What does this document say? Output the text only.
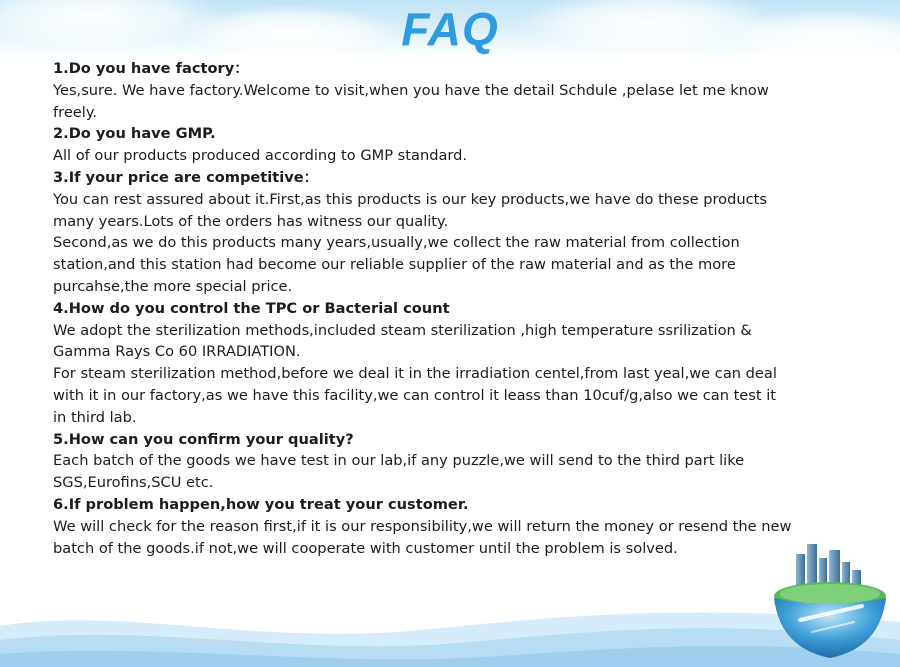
FAQ

1.Do you have factory：

Yes,sure. We have factory.Welcome to visit,when you have the detail Schdule ,pelase let me know freely.

2.Do you have GMP.

All of our products produced according to GMP standard.

3.If your price are competitive：

You can rest assured about it.First,as this products is our key products,we have do these products many years.Lots of the orders has witness our quality.

Second,as we do this products many years,usually,we collect the raw material from collection station,and this station had become our reliable supplier of the raw material and as the more purcahse,the more special price.

4.How do you control the TPC or Bacterial count

We adopt the sterilization methods,included steam sterilization ,high temperature ssrilization & Gamma Rays Co 60 IRRADIATION.

For steam sterilization method,before we deal it in the irradiation centel,from last yeal,we can deal with it in our factory,as we have this facility,we can control it leass than 10cuf/g,also we can test it in third lab.

5.How can you confirm your quality?

Each batch of the goods we have test in our lab,if any puzzle,we will send to the third part like SGS,Eurofins,SCU etc.

6.If problem happen,how you treat your customer.

We will check for the reason first,if it is our responsibility,we will return the money or resend the new batch of the goods.if not,we will cooperate with customer until the problem is solved.
